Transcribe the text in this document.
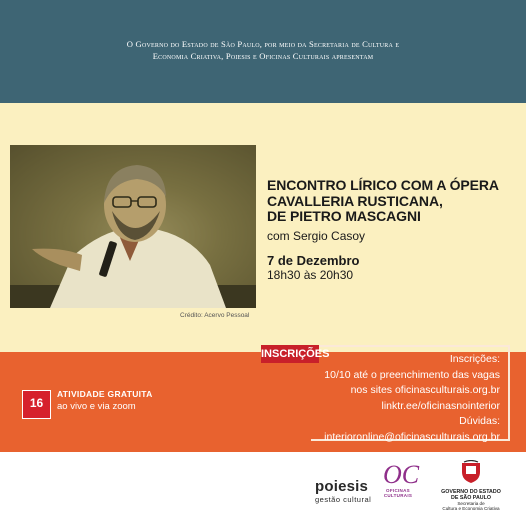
O Governo do Estado de São Paulo, por meio da Secretaria de Cultura e
Economia Criativa, Poiesis e Oficinas Culturais apresentam
Crédito: Acervo Pessoal
ENCONTRO LÍRICO COM A ÓPERA
CAVALLERIA RUSTICANA,
DE PIETRO MASCAGNI
com Sergio Casoy
7 de Dezembro
18h30 às 20h30
INSCRIÇÕES	Inscrições:
10/10 até o preenchimento das vagas
nos sites oficinasculturais.org.br
linktr.ee/oficinasnointerior
Dúvidas:
interioronline@oficinasculturais.org.br
16
ATIVIDADE GRATUITA
ao vivo e via zoom
poiesis
gestão cultural
OC
OFICINAS
CULTURAIS
GOVERNO DO ESTADO
DE SÃO PAULO
Secretaria de
Cultura e Economia Criativa
